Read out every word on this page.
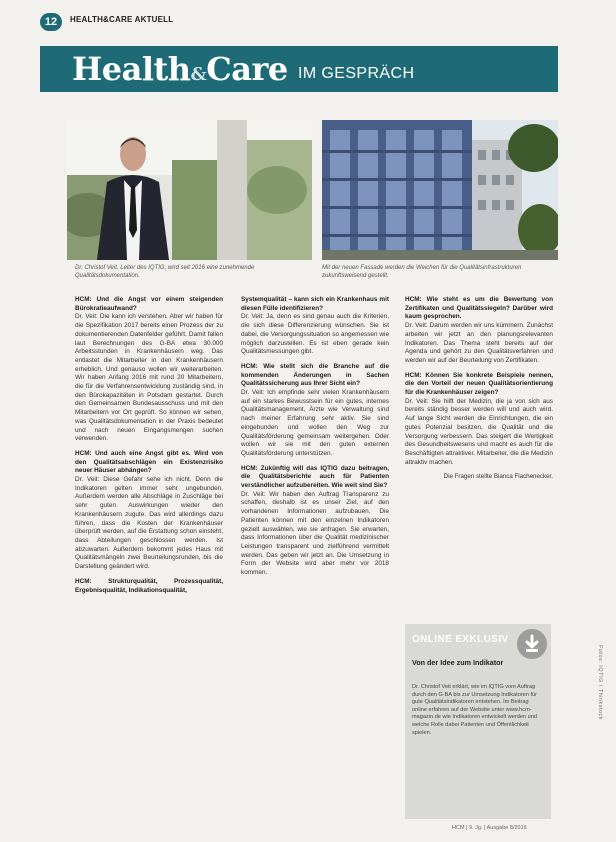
12	HEALTH&CARE AKTUELL
Health&Care IM GESPRÄCH
Dr. Christof Veit, Leiter des IQTIG, wird seit 2016 eine zunehmende Qualitätsdokumentation.
Mit der neuen Fassade werden die Weichen für die Qualitätsinfrastrukturen zukunftsweisend gestellt.

HCM: Und die Angst vor einem steigenden Bürokratieaufwand?
Dr. Veit: Die kann ich verstehen. Aber wir haben für die Spezifikation 2017 bereits einen Prozess der zu dokumentierenden Datenfelder geführt. Damit fallen laut Berechnungen des G-BA etwa 30.000 Arbeitsstunden in Krankenhäusern weg. Das entlastet die Mitarbeiter in den Krankenhäusern erheblich. Und genauso wollen wir weiterarbeiten. Wir haben Anfang 2016 mit rund 20 Mitarbeitern, die für die Verfahrensentwicklung zuständig sind, in den Bürokapazitäten in Potsdam gestartet. Durch den Gemeinsamen Bundesausschuss und mit den Mitarbeitern vor Ort geprüft. So können wir sehen, was Qualitätsdokumentation in der Praxis bedeutet und nach neuen Eingangsmengen suchen verwenden.

HCM: Und auch eine Angst gibt es. Wird von den Qualitätsabschlägen ein Existenzrisiko neuer Häuser abhängen?
Dr. Veit: Diese Gefahr sehe ich nicht. Denn die Indikatoren gelten immer sehr ungebunden. Außerdem werden alle Abschläge in Zuschläge bei sehr guten Auswirkungen wieder den Krankenhäusern zugute. Das wird allerdings dazu führen, dass die Kosten der Krankenhäuser überprüft werden, auf die Erstattung schon einsteht, dass Abteilungen geschlossen werden. Ist abzuwarten. Außerdem bekommt jedes Haus mit Qualitätsmängeln zwei Beurteilungsrunden, bis die Darstellung geändert wird.

HCM: Strukturqualität, Prozessqualität, Ergebnisqualität, Indikationsqualität,

Systemqualität – kann sich ein Krankenhaus mit diesen Fülle identifizieren?
Dr. Veit: Ja, denn es sind genau auch die Kriterien, die sich diese Differenzierung wünschen. Sie ist dabei, die Versorgungssituation so angemessen wie möglich darzustellen. Es ist eben gerade kein Qualitätsmessungen gibt.

HCM: Wie stellt sich die Branche auf die kommenden Änderungen in Sachen Qualitätssicherung aus Ihrer Sicht ein?
Dr. Veit: Ich empfinde sehr vielen Krankenhäusern auf ein starkes Bewusstsein für ein gutes, internes Qualitätsmanagement, Ärzte wie Verwaltung sind nach meiner Erfahrung sehr aktiv. Sie sind eingebunden und wollen den Weg zur Qualitätsförderung gemeinsam weitergehen. Oder wollen wir sie mit den guten externen Qualitätsförderung unterstützen.

HCM: Zukünftig will das IQTIG dazu beitragen, die Qualitätsberichte auch für Patienten verständlicher aufzubereiten. Wie weit sind Sie?
Dr. Veit: Wir haben den Auftrag Transparenz zu schaffen, deshalb ist es unser Ziel, auf den vorhandenen Informationen aufzubauen. Die Patienten können mit den einzelnen Indikatoren gezielt auswählen, wie sie anfragen. Sie erwarten, dass Informationen über die Qualität medizinischer Leistungen transparent und zielführend vermittelt werden. Das geben wir jetzt an. Die Umsetzung in Form der Website wird aber mehr vor 2018 kommen.

HCM: Wie steht es um die Bewertung von Zertifikaten und Qualitätssiegeln? Darüber wird kaum gesprochen.
Dr. Veit: Darum werden wir uns kümmern. Zunächst arbeiten wir jetzt an den planungsrelevanten Indikatoren. Das Thema steht bereits auf der Agenda und gehört zu den Qualitätsverfahren und werden wir auf der Beurteilung von Zertifikaten.

HCM: Können Sie konkrete Beispiele nennen, die den Vorteil der neuen Qualitätsorientierung für die Krankenhäuser zeigen?
Dr. Veit: Sie hilft der Medizin, die ja von sich aus bereits ständig besser werden will und auch wird. Auf lange Sicht werden die Einrichtungen, die ein gutes Potenzial besitzen, die Qualität und die Versorgung verbessern. Das steigert die Wertigkeit des Gesundheitswesens und macht es auch für die Beschäftigten attraktiver. Mitarbeiter, die die Medizin attraktiv machen.

Die Fragen stellte Bianca Flachenecker.
ONLINE EXKLUSIV
Von der Idee zum Indikator
Dr. Christof Veit erklärt, wie im IQTIG vom Auftrag durch den G-BA bis zur Umsetzung Indikatoren für gute Qualitätsindikatoren entstehen. Im Beitrag online erfahren auf der Website unter www.hcm-magazin.de wie Indikatoren entwickelt werden und welche Rolle dabei Patienten und Öffentlichkeit spielen.
HCM | 9. Jg. | Ausgabe 8/2016
Fotos: IQTIG / Thinkstock
